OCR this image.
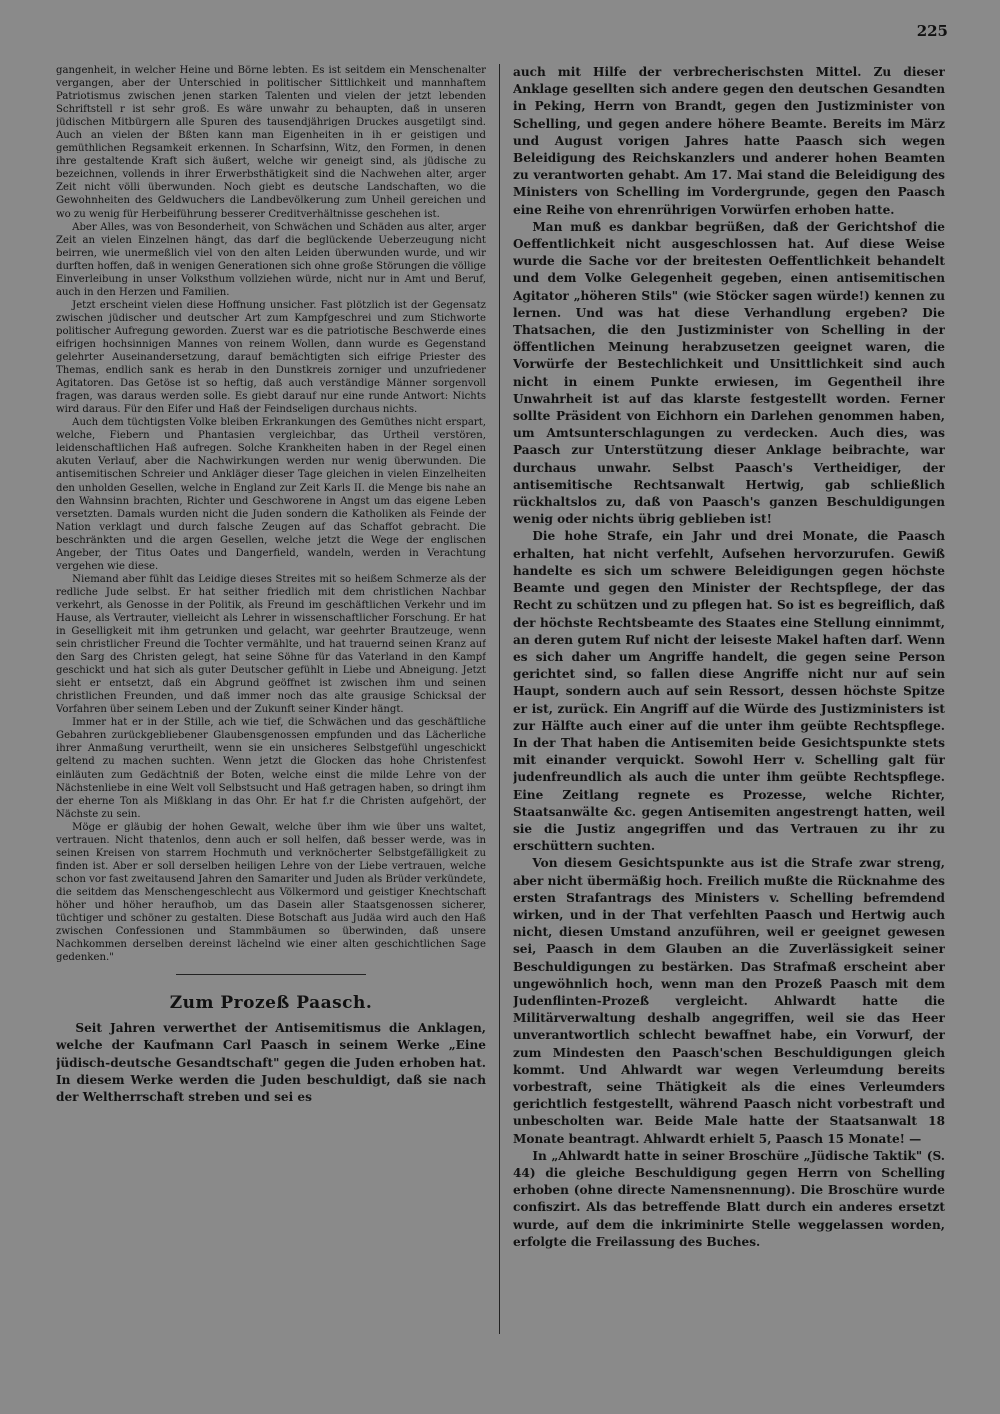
225

gangenheit, in welcher Heine und Börne lebten. Es ist seitdem ein Menschenalter vergangen, aber der Unterschied in politischer Sittlichkeit und mannhaftem Patriotismus zwischen jenen starken Talenten und vielen der jetzt lebenden Schriftstell r ist sehr groß. Es wäre unwahr zu behaupten, daß in unseren jüdischen Mitbürgern alle Spuren des tausendjährigen Druckes ausgetilgt sind. Auch an vielen der Bßten kann man Eigenheiten in ih er geistigen und gemüthlichen Regsamkeit erkennen. In Scharfsinn, Witz, den Formen, in denen ihre gestaltende Kraft sich äußert, welche wir geneigt sind, als jüdische zu bezeichnen, vollends in ihrer Erwerbsthätigkeit sind die Nachwehen alter, arger Zeit nicht völli überwunden. Noch giebt es deutsche Landschaften, wo die Gewohnheiten des Geldwuchers die Landbevölkerung zum Unheil gereichen und wo zu wenig für Herbeiführung besserer Creditverhältnisse geschehen ist.

Aber Alles, was von Besonderheit, von Schwächen und Schäden aus alter, arger Zeit an vielen Einzelnen hängt, das darf die beglückende Ueberzeugung nicht beirren, wie unermeßlich viel von den alten Leiden überwunden wurde, und wir durften hoffen, daß in wenigen Generationen sich ohne große Störungen die völlige Einverleibung in unser Volksthum vollziehen würde, nicht nur in Amt und Beruf, auch in den Herzen und Familien.

Jetzt erscheint vielen diese Hoffnung unsicher. Fast plötzlich ist der Gegensatz zwischen jüdischer und deutscher Art zum Kampfgeschrei und zum Stichworte politischer Aufregung geworden. Zuerst war es die patriotische Beschwerde eines eifrigen hochsinnigen Mannes von reinem Wollen, dann wurde es Gegenstand gelehrter Auseinandersetzung, darauf bemächtigten sich eifrige Priester des Themas, endlich sank es herab in den Dunstkreis zorniger und unzufriedener Agitatoren. Das Getöse ist so heftig, daß auch verständige Männer sorgenvoll fragen, was daraus werden solle. Es giebt darauf nur eine runde Antwort: Nichts wird daraus. Für den Eifer und Haß der Feindseligen durchaus nichts.

Auch dem tüchtigsten Volke bleiben Erkrankungen des Gemüthes nicht erspart, welche, Fiebern und Phantasien vergleichbar, das Urtheil verstören, leidenschaftlichen Haß aufregen. Solche Krankheiten haben in der Regel einen akuten Verlauf, aber die Nachwirkungen werden nur wenig überwunden. Die antisemitischen Schreier und Ankläger dieser Tage gleichen in vielen Einzelheiten den unholden Gesellen, welche in England zur Zeit Karls II. die Menge bis nahe an den Wahnsinn brachten, Richter und Geschworene in Angst um das eigene Leben versetzten. Damals wurden nicht die Juden sondern die Katholiken als Feinde der Nation verklagt und durch falsche Zeugen auf das Schaffot gebracht. Die beschränkten und die argen Gesellen, welche jetzt die Wege der englischen Angeber, der Titus Oates und Dangerfield, wandeln, werden in Verachtung vergehen wie diese.

Niemand aber fühlt das Leidige dieses Streites mit so heißem Schmerze als der redliche Jude selbst. Er hat seither friedlich mit dem christlichen Nachbar verkehrt, als Genosse in der Politik, als Freund im geschäftlichen Verkehr und im Hause, als Vertrauter, vielleicht als Lehrer in wissenschaftlicher Forschung. Er hat in Geselligkeit mit ihm getrunken und gelacht, war geehrter Brautzeuge, wenn sein christlicher Freund die Tochter vermählte, und hat trauernd seinen Kranz auf den Sarg des Christen gelegt, hat seine Söhne für das Vaterland in den Kampf geschickt und hat sich als guter Deutscher gefühlt in Liebe und Abneigung. Jetzt sieht er entsetzt, daß ein Abgrund geöffnet ist zwischen ihm und seinen christlichen Freunden, und daß immer noch das alte grausige Schicksal der Vorfahren über seinem Leben und der Zukunft seiner Kinder hängt.

Immer hat er in der Stille, ach wie tief, die Schwächen und das geschäftliche Gebahren zurückgebliebener Glaubensgenossen empfunden und das Lächerliche ihrer Anmaßung verurtheilt, wenn sie ein unsicheres Selbstgefühl ungeschickt geltend zu machen suchten. Wenn jetzt die Glocken das hohe Christenfest einläuten zum Gedächtniß der Boten, welche einst die milde Lehre von der Nächstenliebe in eine Welt voll Selbstsucht und Haß getragen haben, so dringt ihm der eherne Ton als Mißklang in das Ohr. Er hat f.r die Christen aufgehört, der Nächste zu sein.

Möge er gläubig der hohen Gewalt, welche über ihm wie über uns waltet, vertrauen. Nicht thatenlos, denn auch er soll helfen, daß besser werde, was in seinen Kreisen von starrem Hochmuth und verknöcherter Selbstgefälligkeit zu finden ist. Aber er soll derselben heiligen Lehre von der Liebe vertrauen, welche schon vor fast zweitausend Jahren den Samariter und Juden als Brüder verkündete, die seitdem das Menschengeschlecht aus Völkermord und geistiger Knechtschaft höher und höher heraufhob, um das Dasein aller Staatsgenossen sicherer, tüchtiger und schöner zu gestalten. Diese Botschaft aus Judäa wird auch den Haß zwischen Confessionen und Stammbäumen so überwinden, daß unsere Nachkommen derselben dereinst lächelnd wie einer alten geschichtlichen Sage gedenken."

Zum Prozeß Paasch.

Seit Jahren verwerthet der Antisemitismus die Anklagen, welche der Kaufmann Carl Paasch in seinem Werke „Eine jüdisch-deutsche Gesandtschaft" gegen die Juden erhoben hat. In diesem Werke werden die Juden beschuldigt, daß sie nach der Weltherrschaft streben und sei es

auch mit Hilfe der verbrecherischsten Mittel. Zu dieser Anklage gesellten sich andere gegen den deutschen Gesandten in Peking, Herrn von Brandt, gegen den Justizminister von Schelling, und gegen andere höhere Beamte. Bereits im März und August vorigen Jahres hatte Paasch sich wegen Beleidigung des Reichskanzlers und anderer hohen Beamten zu verantworten gehabt. Am 17. Mai stand die Beleidigung des Ministers von Schelling im Vordergrunde, gegen den Paasch eine Reihe von ehrenrührigen Vorwürfen erhoben hatte.

Man muß es dankbar begrüßen, daß der Gerichtshof die Oeffentlichkeit nicht ausgeschlossen hat. Auf diese Weise wurde die Sache vor der breitesten Oeffentlichkeit behandelt und dem Volke Gelegenheit gegeben, einen antisemitischen Agitator „höheren Stils" (wie Stöcker sagen würde!) kennen zu lernen. Und was hat diese Verhandlung ergeben? Die Thatsachen, die den Justizminister von Schelling in der öffentlichen Meinung herabzusetzen geeignet waren, die Vorwürfe der Bestechlichkeit und Unsittlichkeit sind auch nicht in einem Punkte erwiesen, im Gegentheil ihre Unwahrheit ist auf das klarste festgestellt worden. Ferner sollte Präsident von Eichhorn ein Darlehen genommen haben, um Amtsunterschlagungen zu verdecken. Auch dies, was Paasch zur Unterstützung dieser Anklage beibrachte, war durchaus unwahr. Selbst Paasch's Vertheidiger, der antisemitische Rechtsanwalt Hertwig, gab schließlich rückhaltslos zu, daß von Paasch's ganzen Beschuldigungen wenig oder nichts übrig geblieben ist!

Die hohe Strafe, ein Jahr und drei Monate, die Paasch erhalten, hat nicht verfehlt, Aufsehen hervorzurufen. Gewiß handelte es sich um schwere Beleidigungen gegen höchste Beamte und gegen den Minister der Rechtspflege, der das Recht zu schützen und zu pflegen hat. So ist es begreiflich, daß der höchste Rechtsbeamte des Staates eine Stellung einnimmt, an deren gutem Ruf nicht der leiseste Makel haften darf. Wenn es sich daher um Angriffe handelt, die gegen seine Person gerichtet sind, so fallen diese Angriffe nicht nur auf sein Haupt, sondern auch auf sein Ressort, dessen höchste Spitze er ist, zurück. Ein Angriff auf die Würde des Justizministers ist zur Hälfte auch einer auf die unter ihm geübte Rechtspflege. In der That haben die Antisemiten beide Gesichtspunkte stets mit einander verquickt. Sowohl Herr v. Schelling galt für judenfreundlich als auch die unter ihm geübte Rechtspflege. Eine Zeitlang regnete es Prozesse, welche Richter, Staatsanwälte &c. gegen Antisemiten angestrengt hatten, weil sie die Justiz angegriffen und das Vertrauen zu ihr zu erschüttern suchten.

Von diesem Gesichtspunkte aus ist die Strafe zwar streng, aber nicht übermäßig hoch. Freilich mußte die Rücknahme des ersten Strafantrags des Ministers v. Schelling befremdend wirken, und in der That verfehlten Paasch und Hertwig auch nicht, diesen Umstand anzuführen, weil er geeignet gewesen sei, Paasch in dem Glauben an die Zuverlässigkeit seiner Beschuldigungen zu bestärken. Das Strafmaß erscheint aber ungewöhnlich hoch, wenn man den Prozeß Paasch mit dem Judenflinten-Prozeß vergleicht. Ahlwardt hatte die Militärverwaltung deshalb angegriffen, weil sie das Heer unverantwortlich schlecht bewaffnet habe, ein Vorwurf, der zum Mindesten den Paasch'schen Beschuldigungen gleich kommt. Und Ahlwardt war wegen Verleumdung bereits vorbestraft, seine Thätigkeit als die eines Verleumders gerichtlich festgestellt, während Paasch nicht vorbestraft und unbescholten war. Beide Male hatte der Staatsanwalt 18 Monate beantragt. Ahlwardt erhielt 5, Paasch 15 Monate! —

In „Ahlwardt hatte in seiner Broschüre „Jüdische Taktik" (S. 44) die gleiche Beschuldigung gegen Herrn von Schelling erhoben (ohne directe Namensnennung). Die Broschüre wurde confiszirt. Als das betreffende Blatt durch ein anderes ersetzt wurde, auf dem die inkriminirte Stelle weggelassen worden, erfolgte die Freilassung des Buches.
